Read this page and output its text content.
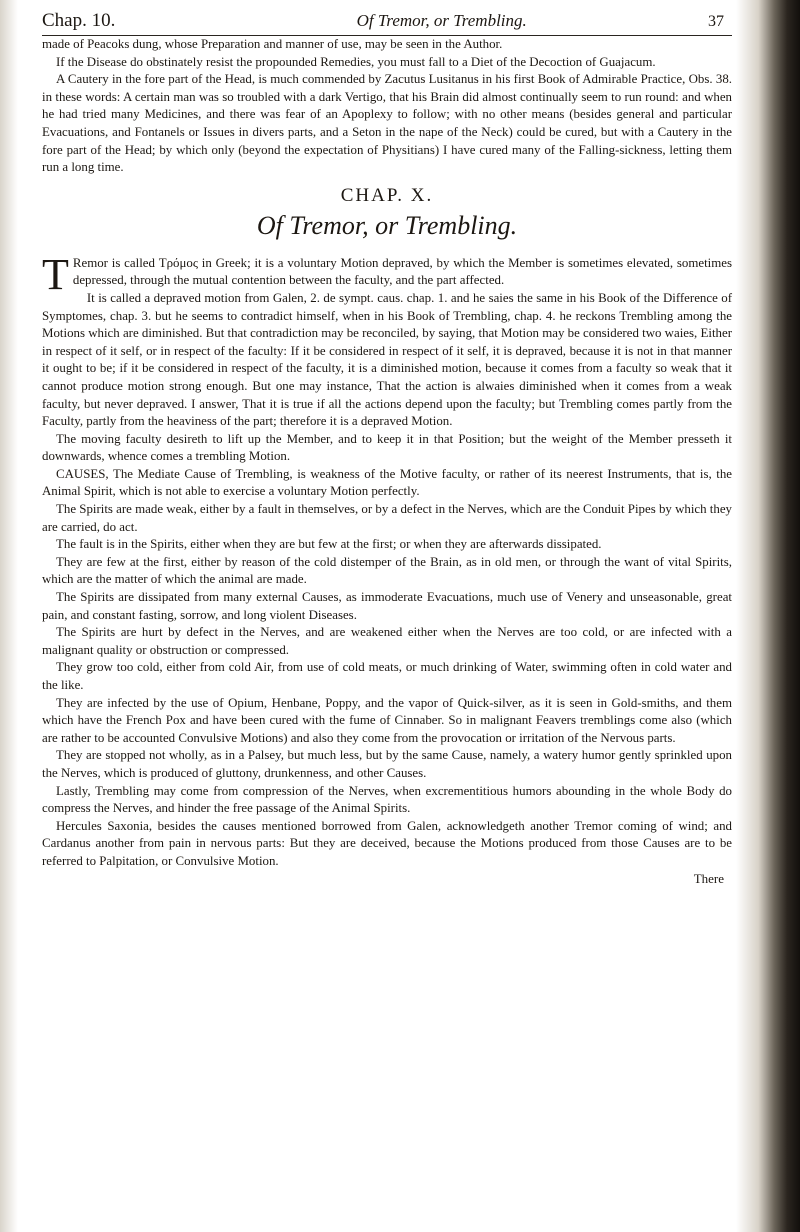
Chap. 10.	Of Tremor, or Trembling.	37

made of Peacoks dung, whose Preparation and manner of use, may be seen in the Author.

If the Disease do obstinately resist the propounded Remedies, you must fall to a Diet of the Decoction of Guajacum.

A Cautery in the fore part of the Head, is much commended by Zacutus Lusitanus in his first Book of Admirable Practice, Obs. 38. in these words: A certain man was so troubled with a dark Vertigo, that his Brain did almost continually seem to run round: and when he had tried many Medicines, and there was fear of an Apoplexy to follow; with no other means (besides general and particular Evacuations, and Fontanels or Issues in divers parts, and a Seton in the nape of the Neck) could be cured, but with a Cautery in the fore part of the Head; by which only (beyond the expectation of Physitians) I have cured many of the Falling-sickness, letting them run a long time.

CHAP. X.
Of Tremor, or Trembling.

T Remor is called Τρόμος in Greek; it is a voluntary Motion depraved, by which the Member is sometimes elevated, sometimes depressed, through the mutual contention between the faculty, and the part affected.

It is called a depraved motion from Galen, 2. de sympt. caus. chap. 1. and he saies the same in his Book of the Difference of Symptomes, chap. 3. but he seems to contradict himself, when in his Book of Trembling, chap. 4. he reckons Trembling among the Motions which are diminished. But that contradiction may be reconciled, by saying, that Motion may be considered two waies, Either in respect of it self, or in respect of the faculty: If it be considered in respect of it self, it is depraved, because it is not in that manner it ought to be; if it be considered in respect of the faculty, it is a diminished motion, because it comes from a faculty so weak that it cannot produce motion strong enough. But one may instance, That the action is alwaies diminished when it comes from a weak faculty, but never depraved. I answer, That it is true if all the actions depend upon the faculty; but Trembling comes partly from the Faculty, partly from the heaviness of the part; therefore it is a depraved Motion.

The moving faculty desireth to lift up the Member, and to keep it in that Position; but the weight of the Member presseth it downwards, whence comes a trembling Motion.

CAUSES, The Mediate Cause of Trembling, is weakness of the Motive faculty, or rather of its neerest Instruments, that is, the Animal Spirit, which is not able to exercise a voluntary Motion perfectly.

The Spirits are made weak, either by a fault in themselves, or by a defect in the Nerves, which are the Conduit Pipes by which they are carried, do act.

The fault is in the Spirits, either when they are but few at the first; or when they are afterwards dissipated.

They are few at the first, either by reason of the cold distemper of the Brain, as in old men, or through the want of vital Spirits, which are the matter of which the animal are made.

The Spirits are dissipated from many external Causes, as immoderate Evacuations, much use of Venery and unseasonable, great pain, and constant fasting, sorrow, and long violent Diseases.

The Spirits are hurt by defect in the Nerves, and are weakened either when the Nerves are too cold, or are infected with a malignant quality or obstruction or compressed.

They grow too cold, either from cold Air, from use of cold meats, or much drinking of Water, swimming often in cold water and the like.

They are infected by the use of Opium, Henbane, Poppy, and the vapor of Quick-silver, as it is seen in Gold-smiths, and them which have the French Pox and have been cured with the fume of Cinnaber. So in malignant Feavers tremblings come also (which are rather to be accounted Convulsive Motions) and also they come from the provocation or irritation of the Nervous parts.

They are stopped not wholly, as in a Palsey, but much less, but by the same Cause, namely, a watery humor gently sprinkled upon the Nerves, which is produced of gluttony, drunkenness, and other Causes.

Lastly, Trembling may come from compression of the Nerves, when excrementitious humors abounding in the whole Body do compress the Nerves, and hinder the free passage of the Animal Spirits.

Hercules Saxonia, besides the causes mentioned borrowed from Galen, acknowledgeth another Tremor coming of wind; and Cardanus another from pain in nervous parts: But they are deceived, because the Motions produced from those Causes are to be referred to Palpitation, or Convulsive Motion.

There
